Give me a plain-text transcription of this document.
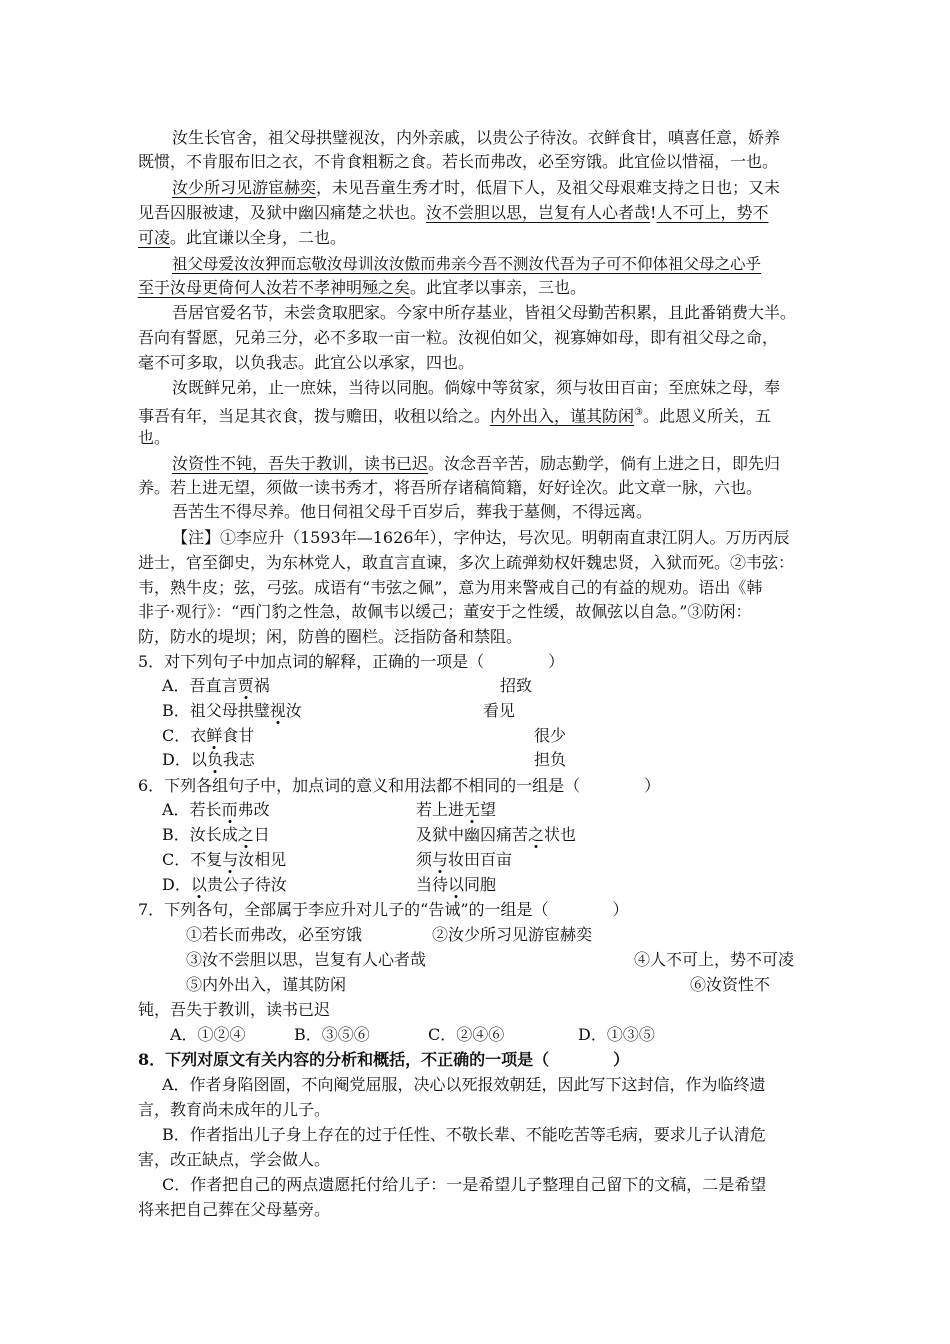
汝生长官舍，祖父母拱璧视汝，内外亲戚，以贵公子待汝。衣鲜食甘，嗔喜任意，娇养
既惯，不肯服布旧之衣，不肯食粗粝之食。若长而弗改，必至穷饿。此宜俭以惜福，一也。
汝少所习见游宦赫奕，未见吾童生秀才时，低眉下人，及祖父母艰难支持之日也；又未
见吾囚服被逮，及狱中幽囚痛楚之状也。汝不尝胆以思，岂复有人心者哉!人不可上，势不
可凌。此宜谦以全身，二也。
祖父母爱汝汝狎而忘敬汝母训汝汝傲而弗亲今吾不测汝代吾为子可不仰体祖父母之心乎
至于汝母更倚何人汝若不孝神明殛之矣。此宜孝以事亲，三也。
吾居官爱名节，未尝贪取肥家。今家中所存基业，皆祖父母勤苦积累，且此番销费大半。
吾向有誓愿，兄弟三分，必不多取一亩一粒。汝视伯如父，视寡婶如母，即有祖父母之命，
毫不可多取，以负我志。此宜公以承家，四也。
汝既鲜兄弟，止一庶妹，当待以同胞。倘嫁中等贫家，须与妆田百亩；至庶妹之母，奉
事吾有年，当足其衣食，拨与赡田，收租以给之。内外出入，谨其防闲③。此恩义所关，五
也。
汝资性不钝，吾失于教训，读书已迟。汝念吾辛苦，励志勤学，倘有上进之日，即先归
养。若上进无望，须做一读书秀才，将吾所存诸稿简籍，好好诠次。此文章一脉，六也。
吾苦生不得尽养。他日伺祖父母千百岁后，葬我于墓侧，不得远离。
【注】①李应升（1593年—1626年），字仲达，号次见。明朝南直隶江阴人。万历丙辰
进士，官至御史，为东林党人，敢直言直谏，多次上疏弹劾权奸魏忠贤，入狱而死。②韦弦：
韦，熟牛皮；弦，弓弦。成语有“韦弦之佩”，意为用来警戒自己的有益的规劝。语出《韩
非子·观行》：“西门豹之性急，故佩韦以缓己；董安于之性缓，故佩弦以自急。”③防闲：
防，防水的堤坝；闲，防兽的圈栏。泛指防备和禁阻。
5．对下列句子中加点词的解释，正确的一项是（　　　　）
A．吾直言贾祸	招致
B．祖父母拱璧视汝	看见
C．衣鲜食甘	很少
D．以负我志	担负
6．下列各组句子中，加点词的意义和用法都不相同的一组是（　　　　）
A．若长而弗改	若上进无望
B．汝长成之日	及狱中幽囚痛苦之状也
C．不复与汝相见	须与妆田百亩
D．以贵公子待汝	当待以同胞
7．下列各句，全部属于李应升对儿子的“告诫”的一组是（　　　　）
①若长而弗改，必至穷饿	②汝少所习见游宦赫奕
③汝不尝胆以思，岂复有人心者哉	④人不可上，势不可凌
⑤内外出入，谨其防闲	⑥汝资性不
钝，吾失于教训，读书已迟
A．①②④	B．③⑤⑥	C．②④⑥	D．①③⑤
8．下列对原文有关内容的分析和概括，不正确的一项是（　　　　）
A．作者身陷囹圄，不向阉党屈服，决心以死报效朝廷，因此写下这封信，作为临终遗
言，教育尚未成年的儿子。
B．作者指出儿子身上存在的过于任性、不敬长辈、不能吃苦等毛病，要求儿子认清危
害，改正缺点，学会做人。
C．作者把自己的两点遗愿托付给儿子：一是希望儿子整理自己留下的文稿，二是希望
将来把自己葬在父母墓旁。
